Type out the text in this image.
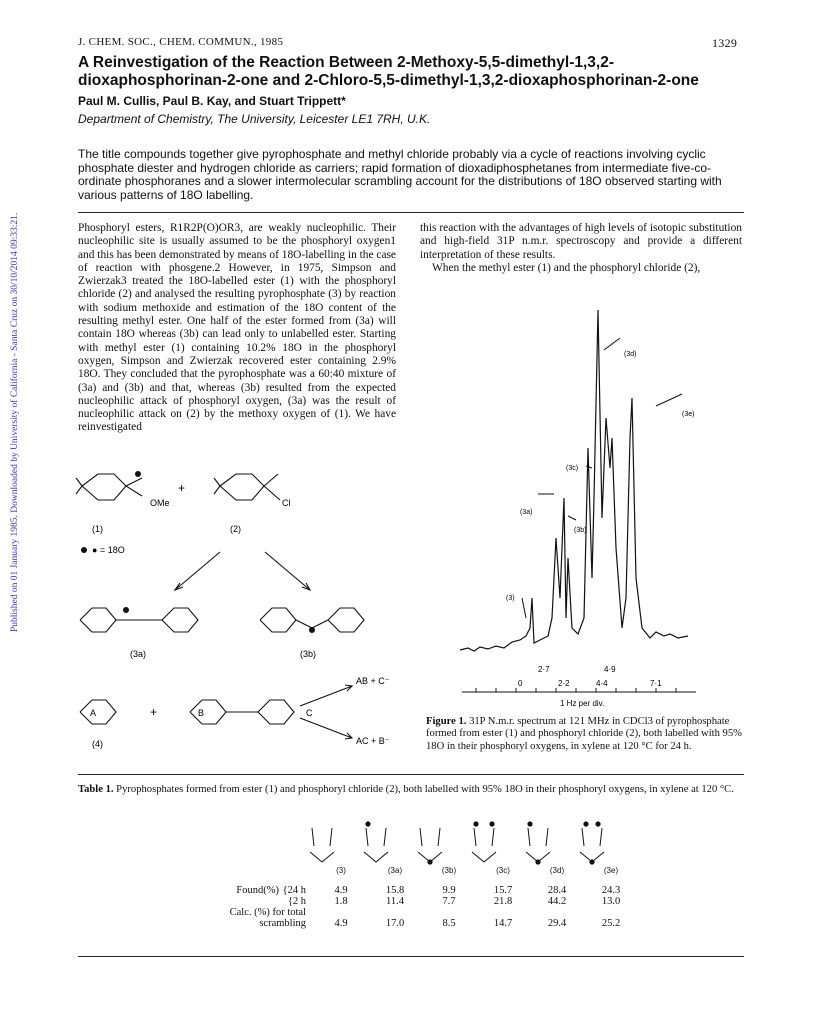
J. CHEM. SOC., CHEM. COMMUN., 1985	1329
A Reinvestigation of the Reaction Between 2-Methoxy-5,5-dimethyl-1,3,2-dioxaphosphorinan-2-one and 2-Chloro-5,5-dimethyl-1,3,2-dioxaphosphorinan-2-one
Paul M. Cullis, Paul B. Kay, and Stuart Trippett*
Department of Chemistry, The University, Leicester LE1 7RH, U.K.
The title compounds together give pyrophosphate and methyl chloride probably via a cycle of reactions involving cyclic phosphate diester and hydrogen chloride as carriers; rapid formation of dioxadiphosphetanes from intermediate five-co-ordinate phosphoranes and a slower intermolecular scrambling account for the distributions of 18O observed starting with various patterns of 18O labelling.
Published on 01 January 1985. Downloaded by University of California - Santa Cruz on 30/10/2014 09:33:21.	Phosphoryl esters, R1R2P(O)OR3, are weakly nucleophilic. Their nucleophilic site is usually assumed to be the phosphoryl oxygen1 and this has been demonstrated by means of 18O-labelling in the case of reaction with phosgene.2 However, in 1975, Simpson and Zwierzak3 treated the 18O-labelled ester (1) with the phosphoryl chloride (2) and analysed the resulting pyrophosphate (3) by reaction with sodium methoxide and estimation of the 18O content of the resulting methyl ester. One half of the ester formed from (3a) will contain 18O whereas (3b) can lead only to unlabelled ester. Starting with methyl ester (1) containing 10.2% 18O in the phosphoryl oxygen, Simpson and Zwierzak recovered ester containing 2.9% 18O. They concluded that the pyrophosphate was a 60:40 mixture of (3a) and (3b) and that, whereas (3b) resulted from the expected nucleophilic attack of phosphoryl oxygen, (3a) was the result of nucleophilic attack on (2) by the methoxy oxygen of (1). We have reinvestigated
this reaction with the advantages of high levels of isotopic substitution and high-field 31P n.m.r. spectroscopy and provide a different interpretation of these results.
When the methyl ester (1) and the phosphoryl chloride (2),
OMe	Cl
+
(1)	(2)
● = 18O
(3a)	(3b)
A	B	C
+
AB + C⁻
AC + B⁻
(4)
(3d)
(3e)
(3c)
(3a)
(3b)
(3)
2·7	4·9
0	2·2	4·4	7·1
1 Hz per div.
Figure 1. 31P N.m.r. spectrum at 121 MHz in CDCl3 of pyrophosphate formed from ester (1) and phosphoryl chloride (2), both labelled with 95% 18O in their phosphoryl oxygens, in xylene at 120 °C for 24 h.
Table 1. Pyrophosphates formed from ester (1) and phosphoryl chloride (2), both labelled with 95% 18O in their phosphoryl oxygens, in xylene at 120 °C.
	(3)	(3a)	(3b)	(3c)	(3d)	(3e)

Found(%) {24 h	4.9	15.8	9.9	15.7	28.4	24.3
{2 h	1.8	11.4	7.7	21.8	44.2	13.0
Calc. (%) for total						
scrambling	4.9	17.0	8.5	14.7	29.4	25.2
